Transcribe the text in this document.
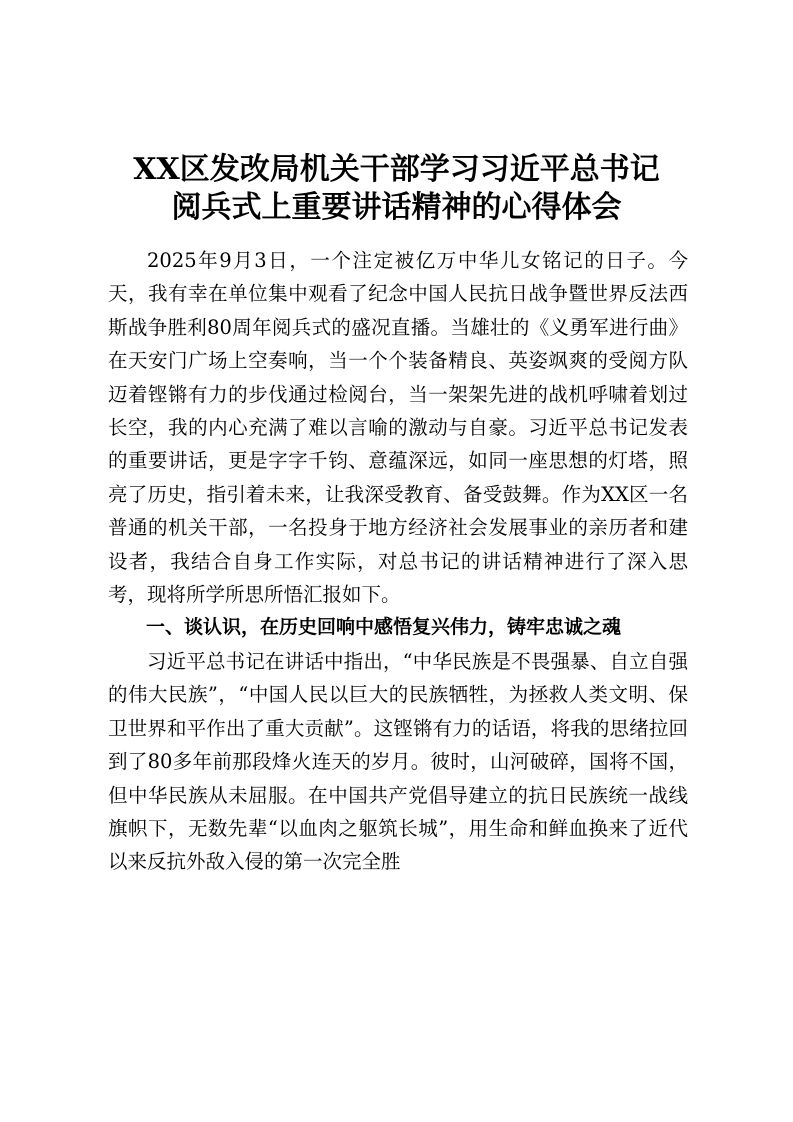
XX区发改局机关干部学习习近平总书记
阅兵式上重要讲话精神的心得体会

2025年9月3日，一个注定被亿万中华儿女铭记的日子。今天，我有幸在单位集中观看了纪念中国人民抗日战争暨世界反法西斯战争胜利80周年阅兵式的盛况直播。当雄壮的《义勇军进行曲》在天安门广场上空奏响，当一个个装备精良、英姿飒爽的受阅方队迈着铿锵有力的步伐通过检阅台，当一架架先进的战机呼啸着划过长空，我的内心充满了难以言喻的激动与自豪。习近平总书记发表的重要讲话，更是字字千钧、意蕴深远，如同一座思想的灯塔，照亮了历史，指引着未来，让我深受教育、备受鼓舞。作为XX区一名普通的机关干部，一名投身于地方经济社会发展事业的亲历者和建设者，我结合自身工作实际，对总书记的讲话精神进行了深入思考，现将所学所思所悟汇报如下。

一、谈认识，在历史回响中感悟复兴伟力，铸牢忠诚之魂

习近平总书记在讲话中指出，“中华民族是不畏强暴、自立自强的伟大民族”，“中国人民以巨大的民族牺牲，为拯救人类文明、保卫世界和平作出了重大贡献”。这铿锵有力的话语，将我的思绪拉回到了80多年前那段烽火连天的岁月。彼时，山河破碎，国将不国，但中华民族从未屈服。在中国共产党倡导建立的抗日民族统一战线旗帜下，无数先辈“以血肉之躯筑长城”，用生命和鲜血换来了近代以来反抗外敌入侵的第一次完全胜
